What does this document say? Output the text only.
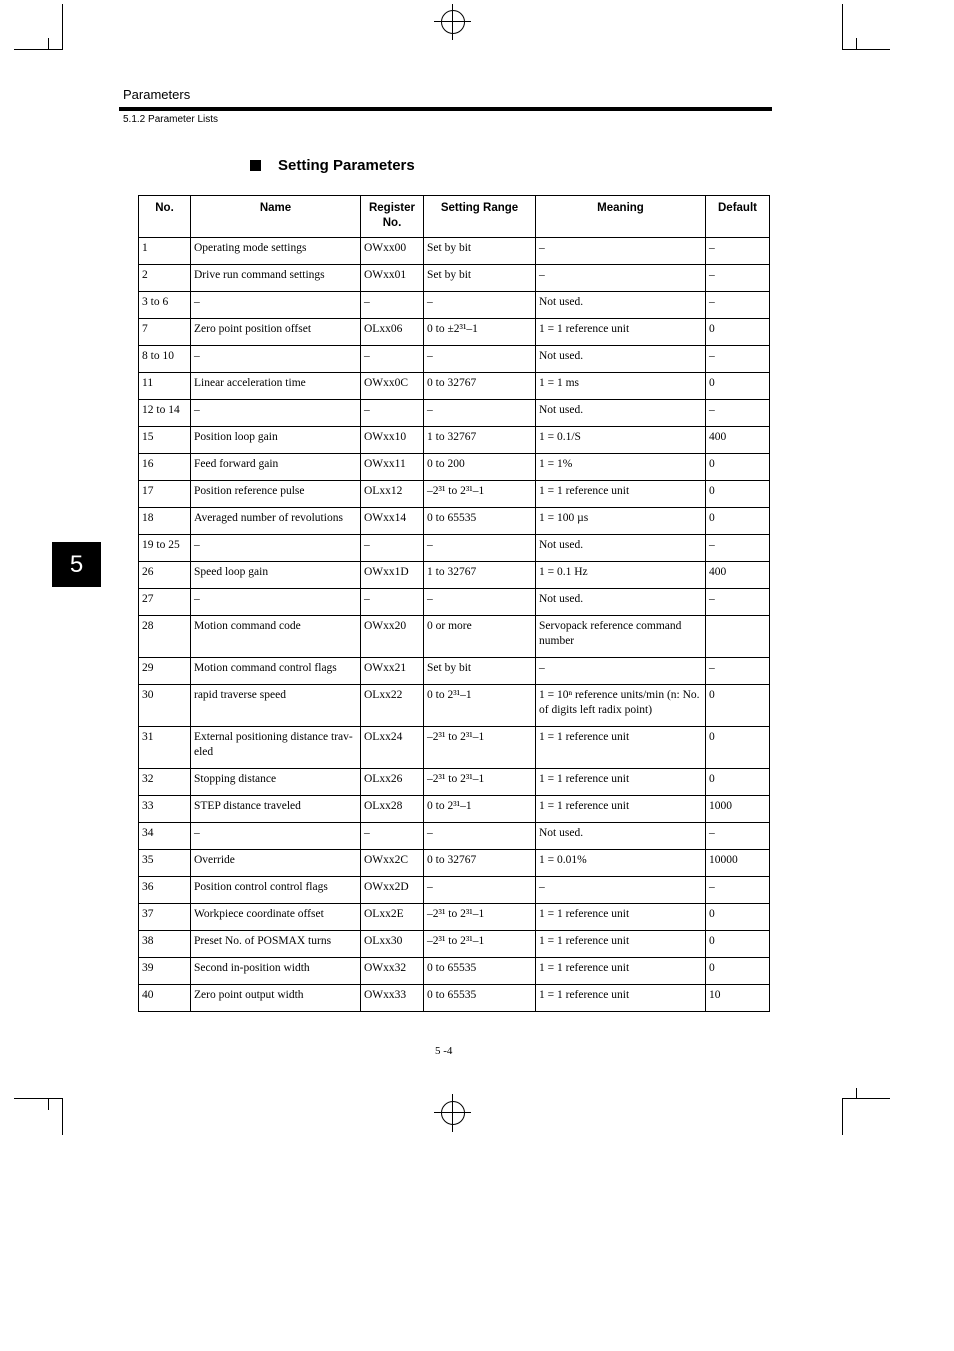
Parameters
5.1.2 Parameter Lists
Setting Parameters
5
No.	Name	Register No.	Setting Range	Meaning	Default
1	Operating mode settings	OWxx00	Set by bit	–	–
2	Drive run command settings	OWxx01	Set by bit	–	–
3 to 6	–	–	–	Not used.	–
7	Zero point position offset	OLxx06	0 to ±2³¹–1	1 = 1 reference unit	0
8 to 10	–	–	–	Not used.	–
11	Linear acceleration time	OWxx0C	0 to 32767	1 = 1 ms	0
12 to 14	–	–	–	Not used.	–
15	Position loop gain	OWxx10	1 to 32767	1 = 0.1/S	400
16	Feed forward gain	OWxx11	0 to 200	1 = 1%	0
17	Position reference pulse	OLxx12	–2³¹ to 2³¹–1	1 = 1 reference unit	0
18	Averaged number of revolutions	OWxx14	0 to 65535	1 = 100 µs	0
19 to 25	–	–	–	Not used.	–
26	Speed loop gain	OWxx1D	1 to 32767	1 = 0.1 Hz	400
27	–	–	–	Not used.	–
28	Motion command code	OWxx20	0 or more	Servopack reference command number	
29	Motion command control flags	OWxx21	Set by bit	–	–
30	rapid traverse speed	OLxx22	0 to 2³¹–1	1 = 10ⁿ reference units/min (n: No. of digits left radix point)	0
31	External positioning distance trav-eled	OLxx24	–2³¹ to 2³¹–1	1 = 1 reference unit	0
32	Stopping distance	OLxx26	–2³¹ to 2³¹–1	1 = 1 reference unit	0
33	STEP distance traveled	OLxx28	0 to 2³¹–1	1 = 1 reference unit	1000
34	–	–	–	Not used.	–
35	Override	OWxx2C	0 to 32767	1 = 0.01%	10000
36	Position control control flags	OWxx2D	–	–	–
37	Workpiece coordinate offset	OLxx2E	–2³¹ to 2³¹–1	1 = 1 reference unit	0
38	Preset No. of POSMAX turns	OLxx30	–2³¹ to 2³¹–1	1 = 1 reference unit	0
39	Second in-position width	OWxx32	0 to 65535	1 = 1 reference unit	0
40	Zero point output width	OWxx33	0 to 65535	1 = 1 reference unit	10
5 -4
